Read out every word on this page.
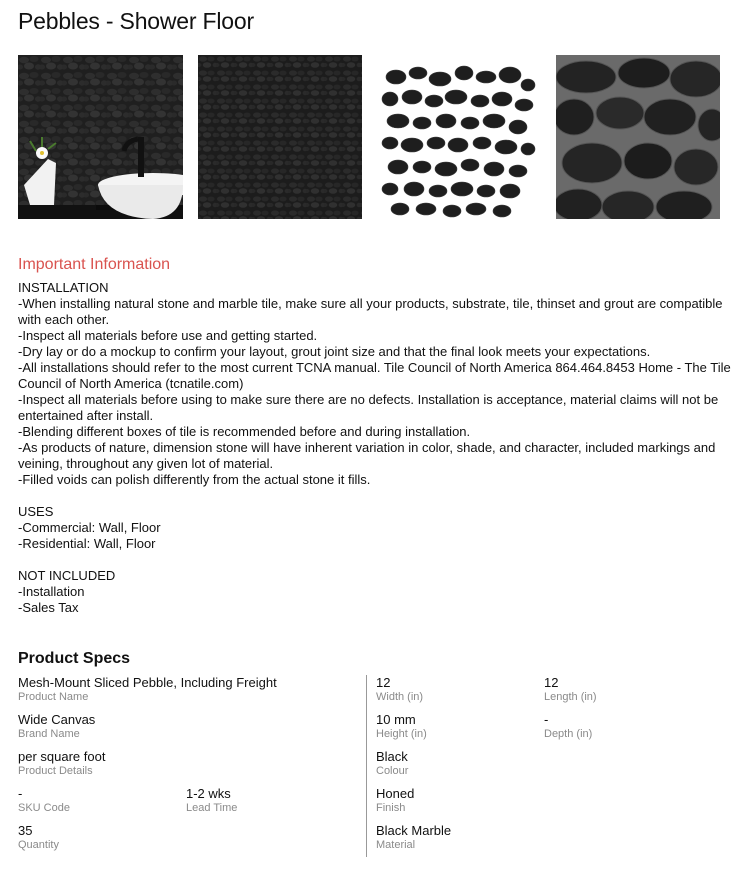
Pebbles - Shower Floor
Important Information
INSTALLATION
-When installing natural stone and marble tile, make sure all your products, substrate, tile, thinset and grout are compatible with each other.
-Inspect all materials before use and getting started.
-Dry lay or do a mockup to confirm your layout, grout joint size and that the final look meets your expectations.
-All installations should refer to the most current TCNA manual. Tile Council of North America 864.464.8453 Home - The Tile Council of North America (tcnatile.com)
-Inspect all materials before using to make sure there are no defects. Installation is acceptance, material claims will not be entertained after install.
-Blending different boxes of tile is recommended before and during installation.
-As products of nature, dimension stone will have inherent variation in color, shade, and character, included markings and veining, throughout any given lot of material.
-Filled voids can polish differently from the actual stone it fills.
USES
-Commercial: Wall, Floor
-Residential: Wall, Floor
NOT INCLUDED
-Installation
-Sales Tax
Product Specs
Mesh-Mount Sliced Pebble, Including Freight
Product Name
Wide Canvas
Brand Name
per square foot
Product Details
-
SKU Code
1-2 wks
Lead Time
35
Quantity
12
Width (in)
12
Length (in)
10 mm
Height (in)
-
Depth (in)
Black
Colour
Honed
Finish
Black Marble
Material
